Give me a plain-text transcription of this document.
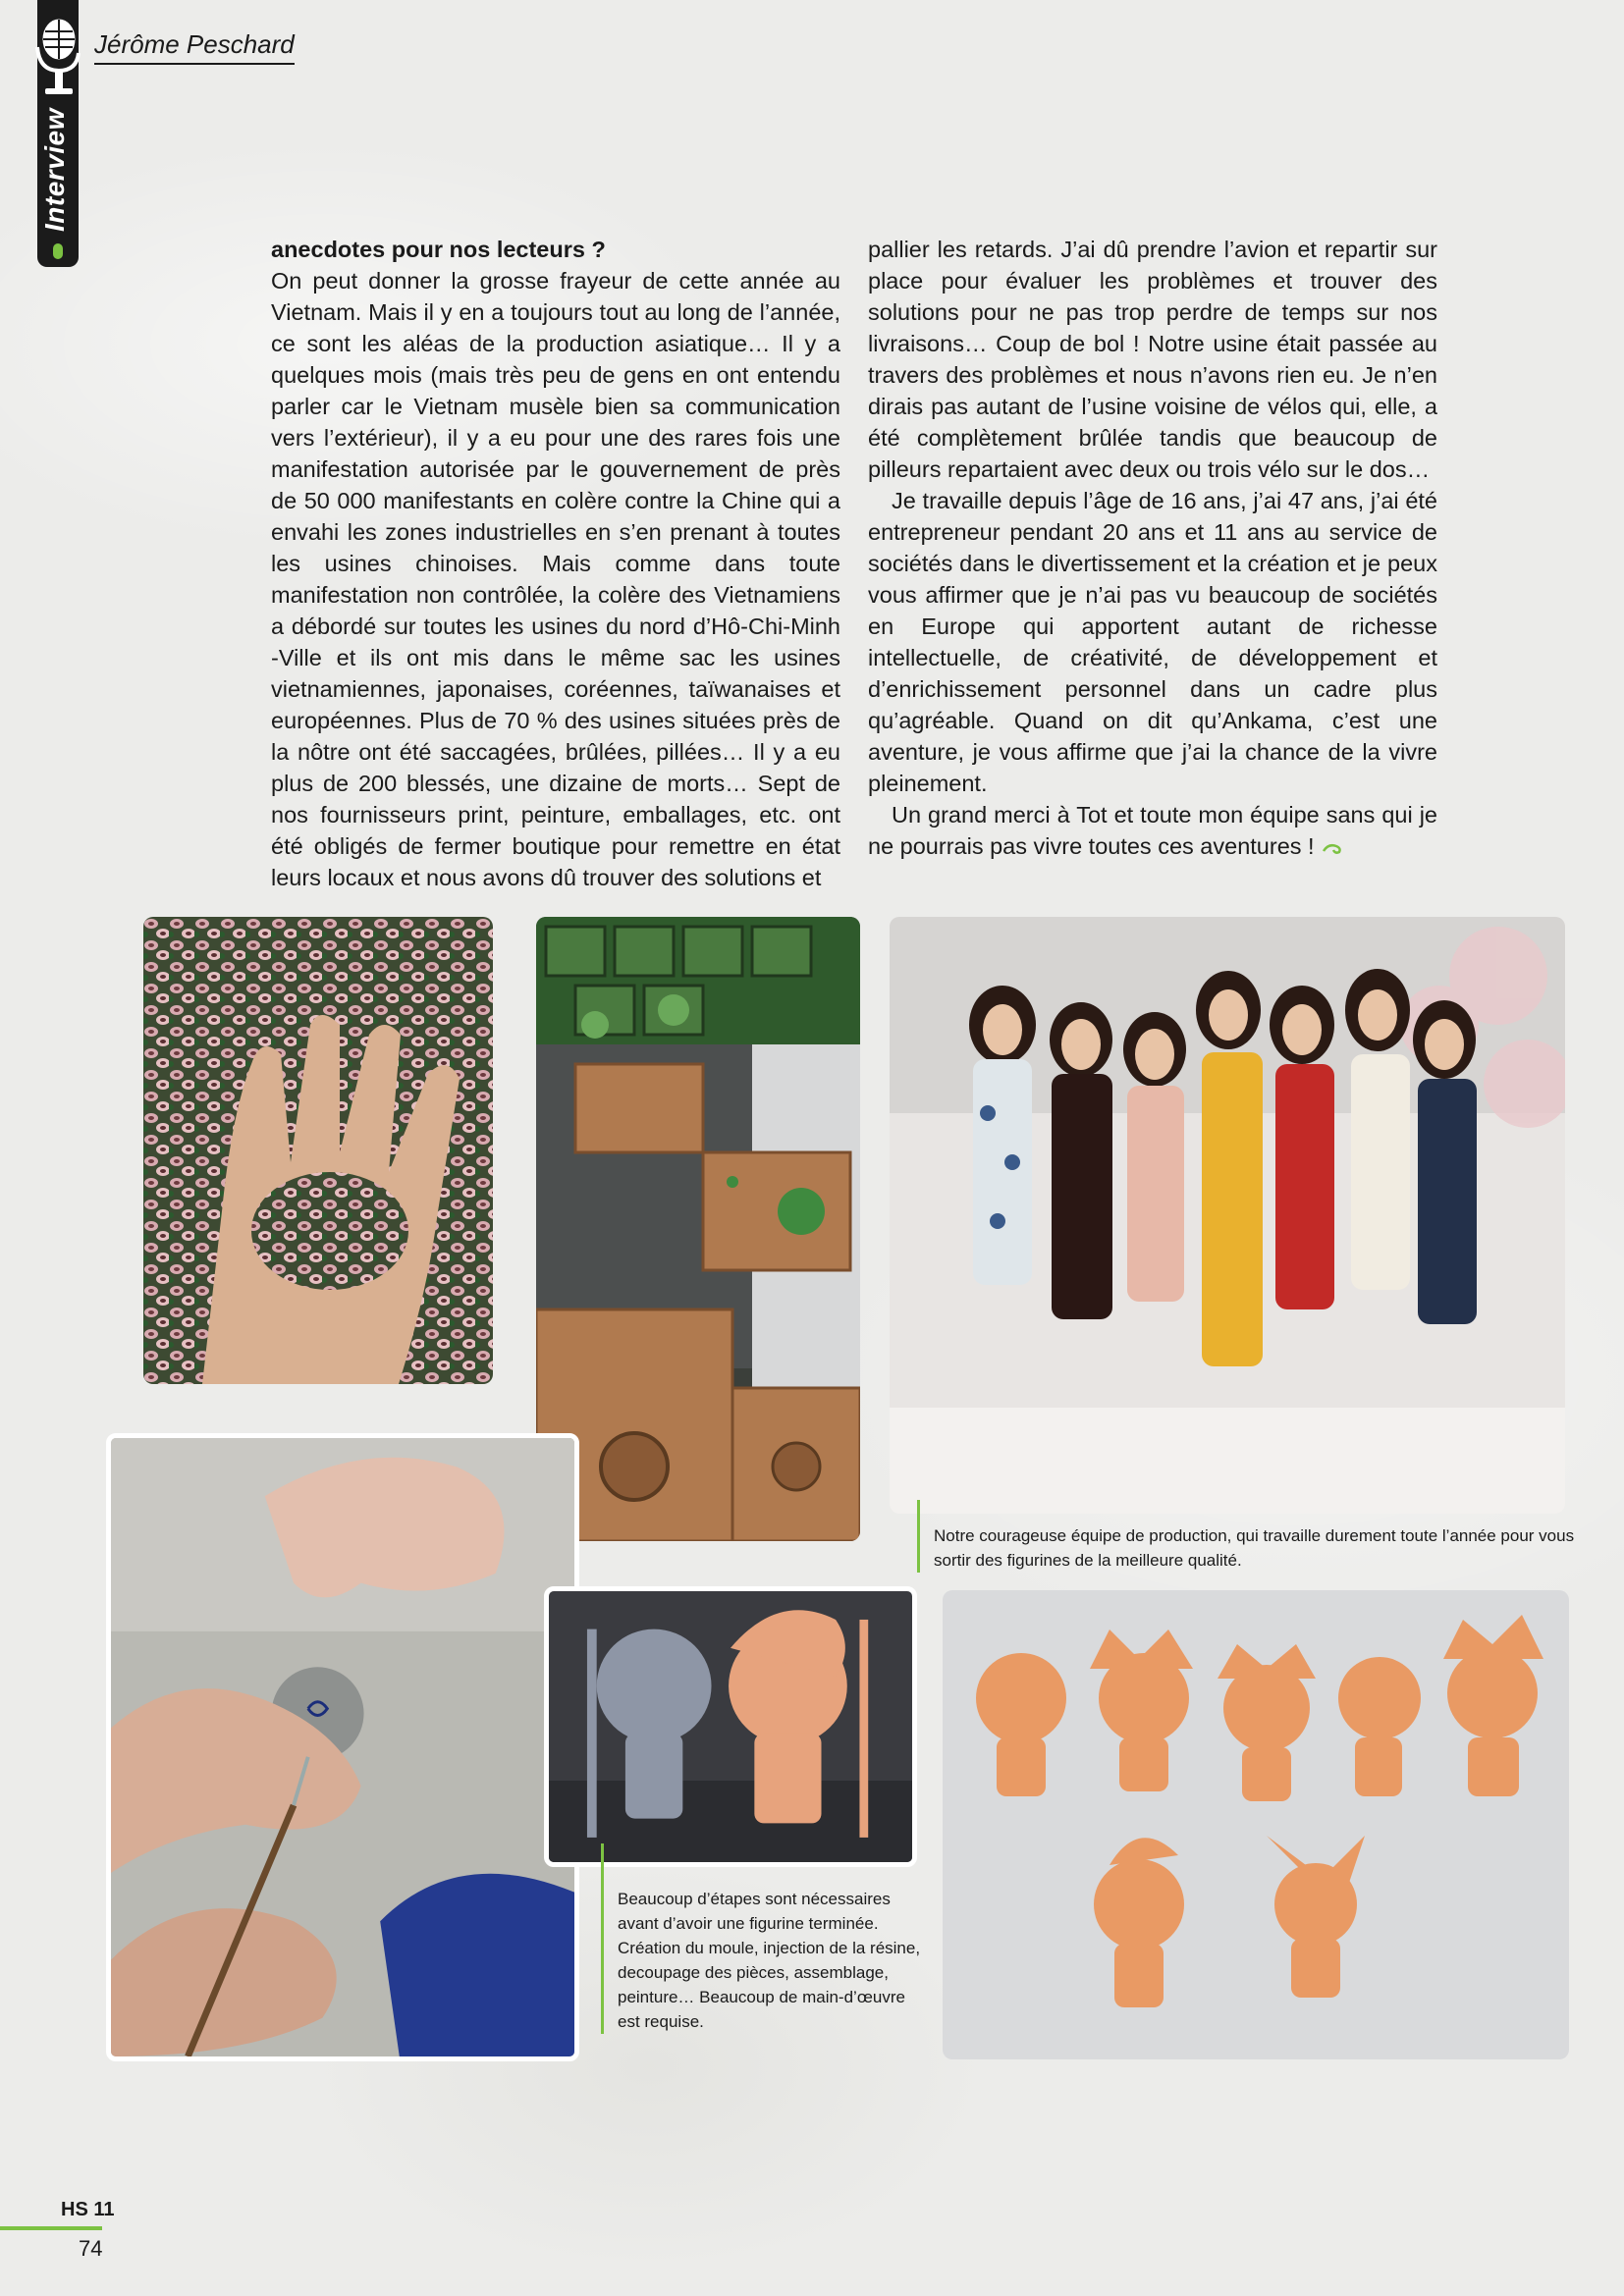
Interview
Jérôme Peschard

anecdotes pour nos lecteurs ?

On peut donner la grosse frayeur de cette année au Vietnam. Mais il y en a toujours tout au long de l’année, ce sont les aléas de la production asiatique… Il y a quelques mois (mais très peu de gens en ont entendu parler car le Vietnam musèle bien sa communication vers l’extérieur), il y a eu pour une des rares fois une manifestation autorisée par le gouvernement de près de 50 000 manifestants en colère contre la Chine qui a envahi les zones industrielles en s’en prenant à toutes les usines chinoises. Mais comme dans toute manifestation non contrôlée, la colère des Vietnamiens a débordé sur toutes les usines du nord d’Hô-Chi-Minh -Ville et ils ont mis dans le même sac les usines vietnamiennes, japonaises, coréennes, taïwanaises et européennes. Plus de 70 % des usines situées près de la nôtre ont été saccagées, brûlées, pillées… Il y a eu plus de 200 blessés, une dizaine de morts… Sept de nos fournisseurs print, peinture, emballages, etc. ont été obligés de fermer boutique pour remettre en état leurs locaux et nous avons dû trouver des solutions et

pallier les retards. J’ai dû prendre l’avion et repartir sur place pour évaluer les problèmes et trouver des solutions pour ne pas trop perdre de temps sur nos livraisons… Coup de bol ! Notre usine était passée au travers des problèmes et nous n’avons rien eu. Je n’en dirais pas autant de l’usine voisine de vélos qui, elle, a été complètement brûlée tandis que beaucoup de pilleurs repartaient avec deux ou trois vélo sur le dos…

Je travaille depuis l’âge de 16 ans, j’ai 47 ans, j’ai été entrepreneur pendant 20 ans et 11 ans au service de sociétés dans le divertissement et la création et je peux vous affirmer que je n’ai pas vu beaucoup de sociétés en Europe qui apportent autant de richesse intellectuelle, de créativité, de développement et d’enrichissement personnel dans un cadre plus qu’agréable. Quand on dit qu’Ankama, c’est une aventure, je vous affirme que j’ai la chance de la vivre pleinement.

Un grand merci à Tot et toute mon équipe sans qui je ne pourrais pas vivre toutes ces aventures !

Notre courageuse équipe de production, qui travaille durement toute l’année pour vous sortir des figurines de la meilleure qualité.

Beaucoup d’étapes sont nécessaires avant d’avoir une figurine terminée. Création du moule, injection de la résine, decoupage des pièces, assemblage, peinture… Beaucoup de main-d’œuvre est requise.

HS 11
74
